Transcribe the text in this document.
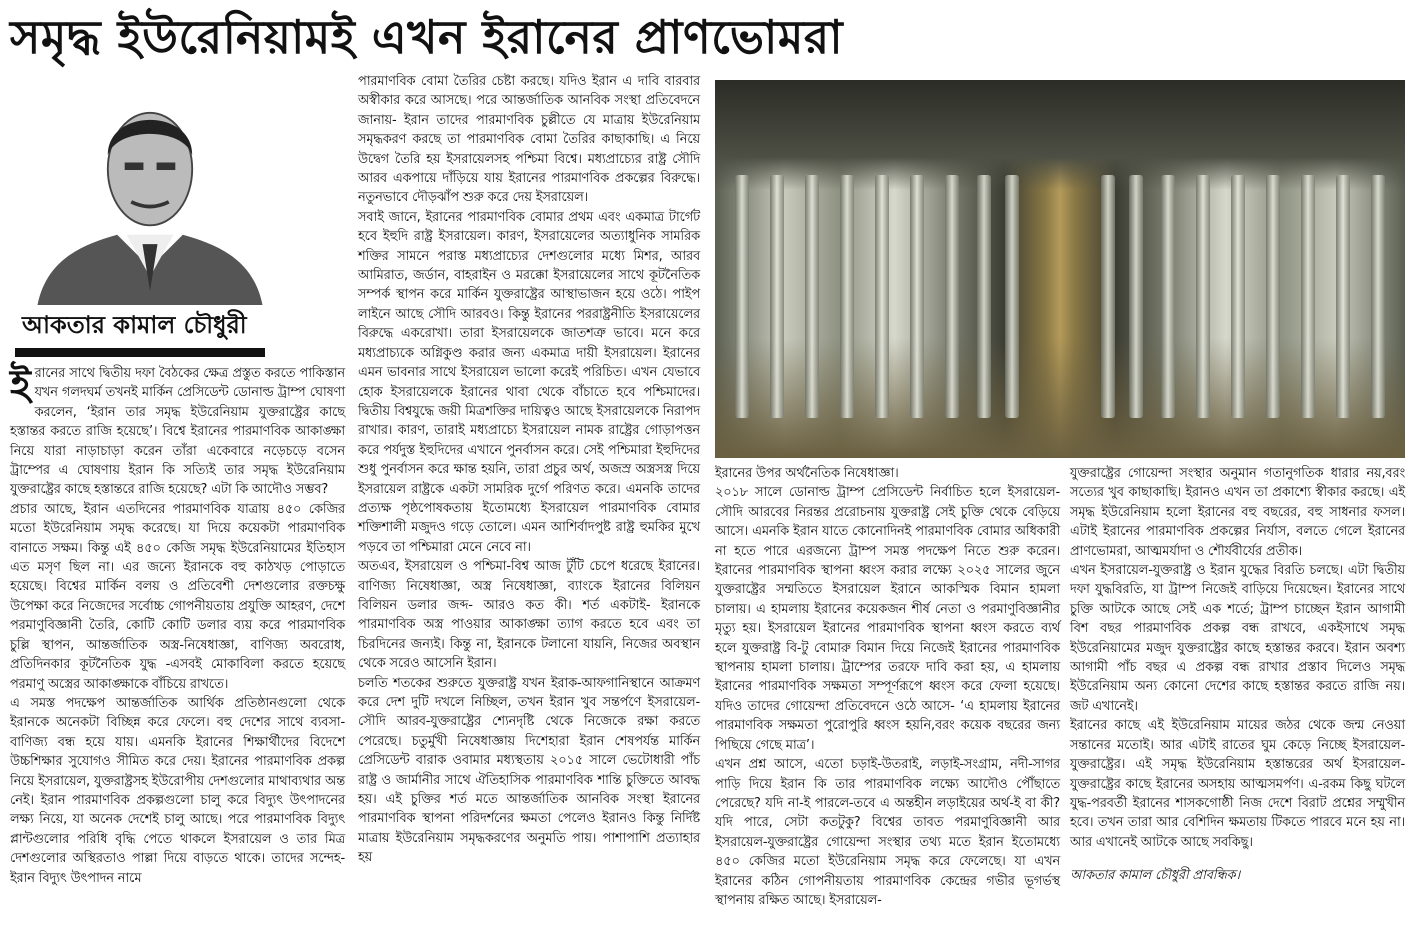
সমৃদ্ধ ইউরেনিয়ামই এখন ইরানের প্রাণভোমরা
আকতার কামাল চৌধুরী

ইরানের সাথে দ্বিতীয় দফা বৈঠকের ক্ষেত্র প্রস্তুত করতে পাকিস্তান যখন গলদঘর্ম তখনই মার্কিন প্রেসিডেন্ট ডোনাল্ড ট্রাম্প ঘোষণা করলেন, ‘ইরান তার সমৃদ্ধ ইউরেনিয়াম যুক্তরাষ্ট্রের কাছে হস্তান্তর করতে রাজি হয়েছে’। বিশ্বে ইরানের পারমাণবিক আকাঙ্ক্ষা নিয়ে যারা নাড়াচাড়া করেন তাঁরা একেবারে নড়েচড়ে বসেন ট্রাম্পের এ ঘোষণায় ইরান কি সত্যিই তার সমৃদ্ধ ইউরেনিয়াম যুক্তরাষ্ট্রের কাছে হস্তান্তরে রাজি হয়েছে? এটা কি আদৌও সম্ভব?

প্রচার আছে, ইরান এতদিনের পারমাণবিক যাত্রায় ৪৫০ কেজির মতো ইউরেনিয়াম সমৃদ্ধ করেছে। যা দিয়ে কয়েকটা পারমাণবিক বানাতে সক্ষম। কিন্তু এই ৪৫০ কেজি সমৃদ্ধ ইউরেনিয়ামের ইতিহাস এত মসৃণ ছিল না। এর জন্যে ইরানকে বহু কাঠখড় পোড়াতে হয়েছে। বিশ্বের মার্কিন বলয় ও প্রতিবেশী দেশগুলোর রক্তচক্ষু উপেক্ষা করে নিজেদের সর্বোচ্চ গোপনীয়তায় প্রযুক্তি আহরণ, দেশে পরমাণুবিজ্ঞানী তৈরি, কোটি কোটি ডলার ব্যয় করে পারমাণবিক চুল্লি স্থাপন, আন্তর্জাতিক অস্ত্র-নিষেধাজ্ঞা, বাণিজ্য অবরোধ, প্রতিদিনকার কূটনৈতিক যুদ্ধ -এসবই মোকাবিলা করতে হয়েছে পরমাণু অস্ত্রের আকাঙ্ক্ষাকে বাঁচিয়ে রাখতে।

এ সমস্ত পদক্ষেপ আন্তর্জাতিক আর্থিক প্রতিষ্ঠানগুলো থেকে ইরানকে অনেকটা বিচ্ছিন্ন করে ফেলে। বহু দেশের সাথে ব্যবসা-বাণিজ্য বন্ধ হয়ে যায়। এমনকি ইরানের শিক্ষার্থীদের বিদেশে উচ্চশিক্ষার সুযোগও সীমিত করে দেয়। ইরানের পারমাণবিক প্রকল্প নিয়ে ইসরায়েল, যুক্তরাষ্ট্রসহ ইউরোপীয় দেশগুলোর মাথাব্যথার অন্ত নেই। ইরান পারমাণবিক প্রকল্পগুলো চালু করে বিদ্যুৎ উৎপাদনের লক্ষ্য নিয়ে, যা অনেক দেশেই চালু আছে। পরে পারমাণবিক বিদ্যুৎ প্লান্টগুলোর পরিধি বৃদ্ধি পেতে থাকলে ইসরায়েল ও তার মিত্র দেশগুলোর অস্থিরতাও পাল্লা দিয়ে বাড়তে থাকে। তাদের সন্দেহ- ইরান বিদ্যুৎ উৎপাদন নামে

পারমাণবিক বোমা তৈরির চেষ্টা করছে। যদিও ইরান এ দাবি বারবার অস্বীকার করে আসছে। পরে আন্তর্জাতিক আনবিক সংস্থা প্রতিবেদনে জানায়- ইরান তাদের পারমাণবিক চুল্লীতে যে মাত্রায় ইউরেনিয়াম সমৃদ্ধকরণ করছে তা পারমাণবিক বোমা তৈরির কাছাকাছি। এ নিয়ে উদ্বেগ তৈরি হয় ইসরায়েলসহ পশ্চিমা বিশ্বে। মধ্যপ্রাচ্যের রাষ্ট্র সৌদি আরব একপায়ে দাঁড়িয়ে যায় ইরানের পারমাণবিক প্রকল্পের বিরুদ্ধে। নতুনভাবে দৌড়ঝাঁপ শুরু করে দেয় ইসরায়েল।

সবাই জানে, ইরানের পারমাণবিক বোমার প্রথম এবং একমাত্র টার্গেট হবে ইহুদি রাষ্ট্র ইসরায়েল। কারণ, ইসরায়েলের অত্যাধুনিক সামরিক শক্তির সামনে পরাস্ত মধ্যপ্রাচ্যের দেশগুলোর মধ্যে মিশর, আরব আমিরাত, জর্ডান, বাহরাইন ও মরক্কো ইসরায়েলের সাথে কূটনৈতিক সম্পর্ক স্থাপন করে মার্কিন যুক্তরাষ্ট্রের আস্থাভাজন হয়ে ওঠে। পাইপ লাইনে আছে সৌদি আরবও। কিন্তু ইরানের পররাষ্ট্রনীতি ইসরায়েলের বিরুদ্ধে একরোখা। তারা ইসরায়েলকে জাতশত্রু ভাবে। মনে করে মধ্যপ্রাচ্যকে অগ্নিকুণ্ড করার জন্য একমাত্র দায়ী ইসরায়েল। ইরানের এমন ভাবনার সাথে ইসরায়েল ভালো করেই পরিচিত। এখন যেভাবে হোক ইসরায়েলকে ইরানের থাবা থেকে বাঁচাতে হবে পশ্চিমাদের। দ্বিতীয় বিশ্বযুদ্ধে জয়ী মিত্রশক্তির দায়িত্বও আছে ইসরায়েলকে নিরাপদ রাখার। কারণ, তারাই মধ্যপ্রাচ্যে ইসরায়েল নামক রাষ্ট্রের গোড়াপত্তন করে পর্যদুস্ত ইহুদিদের এখানে পুনর্বাসন করে। সেই পশ্চিমারা ইহুদিদের শুধু পুনর্বাসন করে ক্ষান্ত হয়নি, তারা প্রচুর অর্থ, অজস্র অস্ত্রসস্ত্র দিয়ে ইসরায়েল রাষ্ট্রকে একটা সামরিক দুর্গে পরিণত করে। এমনকি তাদের প্রত্যক্ষ পৃষ্ঠপোষকতায় ইতোমধ্যে ইসরায়েল পারমাণবিক বোমার শক্তিশালী মজুদও গড়ে তোলে। এমন আশির্বাদপুষ্ট রাষ্ট্র হুমকির মুখে পড়বে তা পশ্চিমারা মেনে নেবে না।

অতএব, ইসরায়েল ও পশ্চিমা-বিশ্ব আজ টুঁটি চেপে ধরেছে ইরানের। বাণিজ্য নিষেধাজ্ঞা, অস্ত্র নিষেধাজ্ঞা, ব্যাংকে ইরানের বিলিয়ন বিলিয়ন ডলার জব্দ- আরও কত কী। শর্ত একটাই- ইরানকে পারমাণবিক অস্ত্র পাওয়ার আকাঙ্ক্ষা ত্যাগ করতে হবে এবং তা চিরদিনের জন্যই। কিন্তু না, ইরানকে টলানো যায়নি, নিজের অবস্থান থেকে সরেও আসেনি ইরান।

চলতি শতকের শুরুতে যুক্তরাষ্ট্র যখন ইরাক-আফগানিস্থানে আক্রমণ করে দেশ দুটি দখলে নিচ্ছিল, তখন ইরান খুব সন্তর্পণে ইসরায়েল-সৌদি আরব-যুক্তরাষ্ট্রের শ্যেনদৃষ্টি থেকে নিজেকে রক্ষা করতে পেরেছে। চতুর্মুখী নিষেধাজ্ঞায় দিশেহারা ইরান শেষপর্যন্ত মার্কিন প্রেসিডেন্ট বারাক ওবামার মধ্যস্থতায় ২০১৫ সালে ভেটোধারী পাঁচ রাষ্ট্র ও জার্মানীর সাথে ঐতিহাসিক পারমাণবিক শান্তি চুক্তিতে আবদ্ধ হয়। এই চুক্তির শর্ত মতে আন্তর্জাতিক আনবিক সংস্থা ইরানের পারমাণবিক স্থাপনা পরিদর্শনের ক্ষমতা পেলেও ইরানও কিন্তু নির্দিষ্ট মাত্রায় ইউরেনিয়াম সমৃদ্ধকরণের অনুমতি পায়। পাশাপাশি প্রত্যাহার হয়

ইরানের উপর অর্থনৈতিক নিষেধাজ্ঞা।

২০১৮ সালে ডোনাল্ড ট্রাম্প প্রেসিডেন্ট নির্বাচিত হলে ইসরায়েল-সৌদি আরবের নিরন্তর প্ররোচনায় যুক্তরাষ্ট্র সেই চুক্তি থেকে বেড়িয়ে আসে। এমনকি ইরান যাতে কোনোদিনই পারমাণবিক বোমার অধিকারী না হতে পারে এরজন্যে ট্রাম্প সমস্ত পদক্ষেপ নিতে শুরু করেন। ইরানের পারমাণবিক স্থাপনা ধ্বংস করার লক্ষ্যে ২০২৫ সালের জুনে যুক্তরাষ্ট্রের সম্মতিতে ইসরায়েল ইরানে আকস্মিক বিমান হামলা চালায়। এ হামলায় ইরানের কয়েকজন শীর্ষ নেতা ও পরমাণুবিজ্ঞানীর মৃত্যু হয়। ইসরায়েল ইরানের পারমাণবিক স্থাপনা ধ্বংস করতে ব্যর্থ হলে যুক্তরাষ্ট্র বি-টু বোমারু বিমান দিয়ে নিজেই ইরানের পারমাণবিক স্থাপনায় হামলা চালায়। ট্রাম্পের তরফে দাবি করা হয়, এ হামলায় ইরানের পারমাণবিক সক্ষমতা সম্পূর্ণরূপে ধ্বংস করে ফেলা হয়েছে। যদিও তাদের গোয়েন্দা প্রতিবেদনে ওঠে আসে- ‘এ হামলায় ইরানের পারমাণবিক সক্ষমতা পুরোপুরি ধ্বংস হয়নি,বরং কয়েক বছরের জন্য পিছিয়ে গেছে মাত্র’।

এখন প্রশ্ন আসে, এতো চড়াই-উতরাই, লড়াই-সংগ্রাম, নদী-সাগর পাড়ি দিয়ে ইরান কি তার পারমাণবিক লক্ষ্যে আদৌও পৌঁছাতে পেরেছে? যদি না-ই পারলে-তবে এ অন্তহীন লড়াইয়ের অর্থ-ই বা কী? যদি পারে, সেটা কতটুকু? বিশ্বের তাবত পরমাণুবিজ্ঞানী আর ইসরায়েল-যুক্তরাষ্ট্রের গোয়েন্দা সংস্থার তথ্য মতে ইরান ইতোমধ্যে ৪৫০ কেজির মতো ইউরেনিয়াম সমৃদ্ধ করে ফেলেছে। যা এখন ইরানের কঠিন গোপনীয়তায় পারমাণবিক কেন্দ্রের গভীর ভূগর্ভস্থ স্থাপনায় রক্ষিত আছে। ইসরায়েল-

যুক্তরাষ্ট্রের গোয়েন্দা সংস্থার অনুমান গতানুগতিক ধারার নয়,বরং সত্যের খুব কাছাকাছি। ইরানও এখন তা প্রকাশ্যে স্বীকার করছে। এই সমৃদ্ধ ইউরেনিয়াম হলো ইরানের বহু বছরের, বহু সাধনার ফসল। এটাই ইরানের পারমাণবিক প্রকল্পের নির্যাস, বলতে গেলে ইরানের প্রাণভোমরা, আত্মমর্যাদা ও শৌর্যবীর্যের প্রতীক।

এখন ইসরায়েল-যুক্তরাষ্ট্র ও ইরান যুদ্ধের বিরতি চলছে। এটা দ্বিতীয় দফা যুদ্ধবিরতি, যা ট্রাম্প নিজেই বাড়িয়ে দিয়েছেন। ইরানের সাথে চুক্তি আটকে আছে সেই এক শর্তে; ট্রাম্প চাচ্ছেন ইরান আগামী বিশ বছর পারমাণবিক প্রকল্প বন্ধ রাখবে, একইসাথে সমৃদ্ধ ইউরেনিয়ামের মজুদ যুক্তরাষ্ট্রের কাছে হস্তান্তর করবে। ইরান অবশ্য আগামী পাঁচ বছর এ প্রকল্প বন্ধ রাখার প্রস্তাব দিলেও সমৃদ্ধ ইউরেনিয়াম অন্য কোনো দেশের কাছে হস্তান্তর করতে রাজি নয়। জট এখানেই।

ইরানের কাছে এই ইউরেনিয়াম মায়ের জঠর থেকে জন্ম নেওয়া সন্তানের মতোই। আর এটাই রাতের ঘুম কেড়ে নিচ্ছে ইসরায়েল-যুক্তরাষ্ট্রের। এই সমৃদ্ধ ইউরেনিয়াম হস্তান্তরের অর্থ ইসরায়েল-যুক্তরাষ্ট্রের কাছে ইরানের অসহায় আত্মসমর্পণ। এ-রকম কিছু ঘটলে যুদ্ধ-পরবর্তী ইরানের শাসকগোষ্ঠী নিজ দেশে বিরাট প্রশ্নের সম্মুখীন হবে। তখন তারা আর বেশিদিন ক্ষমতায় টিকতে পারবে মনে হয় না। আর এখানেই আটকে আছে সবকিছু।

আকতার কামাল চৌধুরী প্রাবন্ধিক।
